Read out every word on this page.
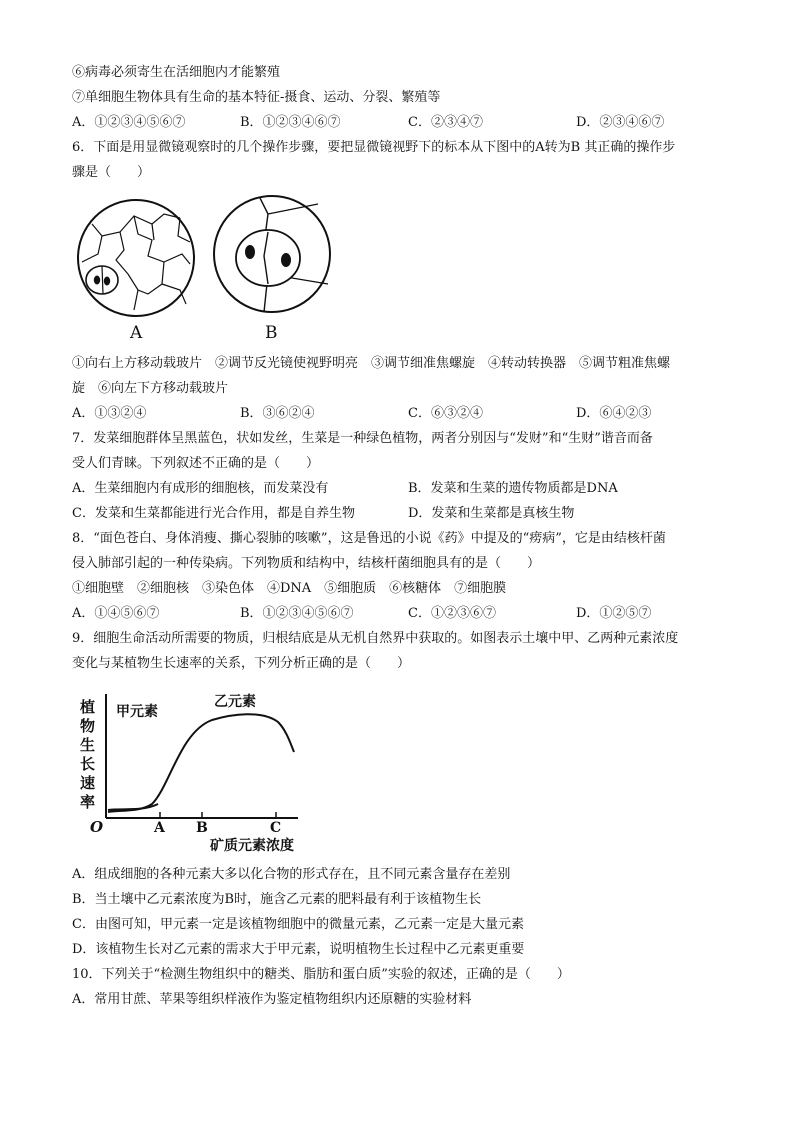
⑥病毒必须寄生在活细胞内才能繁殖
⑦单细胞生物体具有生命的基本特征-摄食、运动、分裂、繁殖等
A．①②③④⑤⑥⑦	B．①②③④⑥⑦	C．②③④⑦	D．②③④⑥⑦
6．下面是用显微镜观察时的几个操作步骤，要把显微镜视野下的标本从下图中的A转为B 其正确的操作步
骤是（　　）
A	B
①向右上方移动载玻片　②调节反光镜使视野明亮　③调节细准焦螺旋　④转动转换器　⑤调节粗准焦螺
旋　⑥向左下方移动载玻片
A．①③②④	B．③⑥②④	C．⑥③②④	D．⑥④②③
7．发菜细胞群体呈黑蓝色，状如发丝，生菜是一种绿色植物，两者分别因与“发财”和“生财”谐音而备
受人们青睐。下列叙述不正确的是（　　）
A．生菜细胞内有成形的细胞核，而发菜没有	B．发菜和生菜的遗传物质都是DNA
C．发菜和生菜都能进行光合作用，都是自养生物	D．发菜和生菜都是真核生物
8．“面色苍白、身体消瘦、撕心裂肺的咳嗽”，这是鲁迅的小说《药》中提及的“痨病”，它是由结核杆菌
侵入肺部引起的一种传染病。下列物质和结构中，结核杆菌细胞具有的是（　　）
①细胞壁　②细胞核　③染色体　④DNA　⑤细胞质　⑥核糖体　⑦细胞膜
A．①④⑤⑥⑦	B．①②③④⑤⑥⑦	C．①②③⑥⑦	D．①②⑤⑦
9．细胞生命活动所需要的物质，归根结底是从无机自然界中获取的。如图表示土壤中甲、乙两种元素浓度
变化与某植物生长速率的关系，下列分析正确的是（　　）
植
物
生
长
速
率
甲元素
乙元素
O	A B	C
矿质元素浓度
A．组成细胞的各种元素大多以化合物的形式存在，且不同元素含量存在差别
B．当土壤中乙元素浓度为B时，施含乙元素的肥料最有利于该植物生长
C．由图可知，甲元素一定是该植物细胞中的微量元素，乙元素一定是大量元素
D．该植物生长对乙元素的需求大于甲元素，说明植物生长过程中乙元素更重要
10．下列关于“检测生物组织中的糖类、脂肪和蛋白质”实验的叙述，正确的是（　　）
A．常用甘蔗、苹果等组织样液作为鉴定植物组织内还原糖的实验材料
